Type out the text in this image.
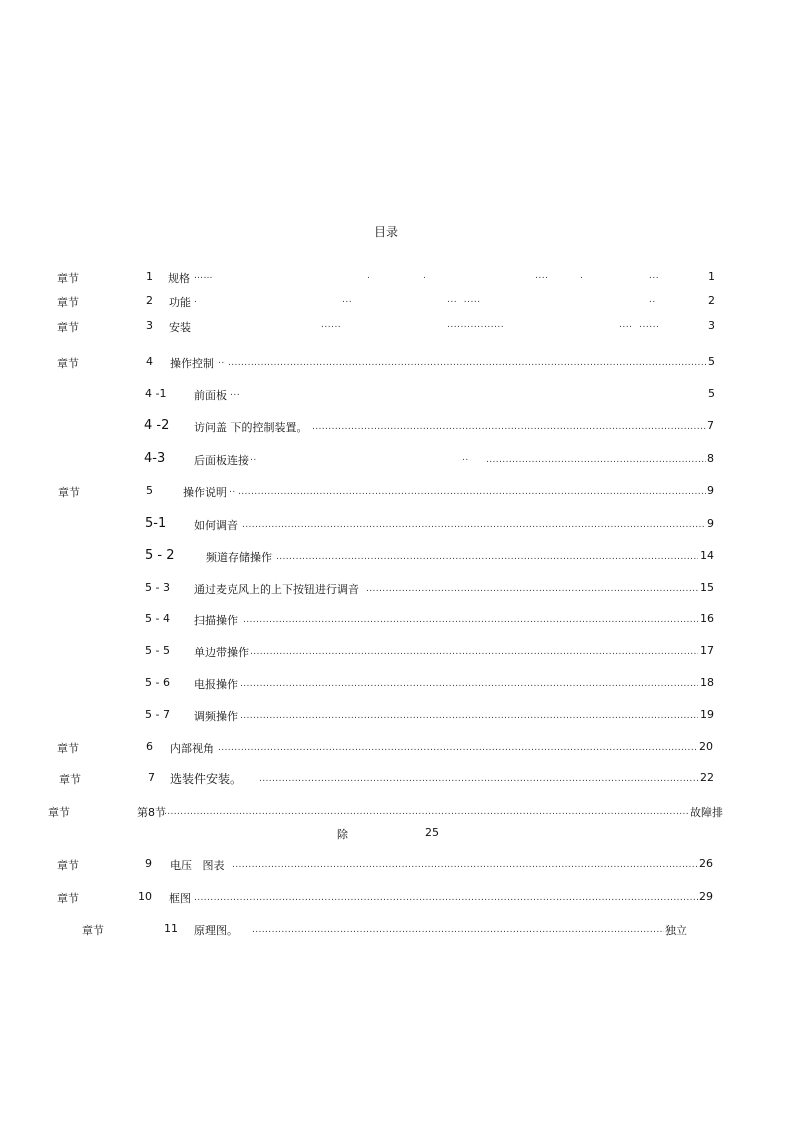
目录
章节	1 规格 ……	.	.	....	.	...	1
章节	2 功能 .	...	...  .....	..	2
章节	3 安装	......	.................	....  ......	3
章节	4 操作控制 .. .....	5
4 -1	前面板 ...	5
4 -2 访问盖 下的控制装置。 .....	7
4-3	后面板连接 ..	.. .....	8
章节	5	操作说明 .. .....	9
5-1	如何调音 .....	9
5 - 2	频道存储操作 .....	14
5 - 3 通过麦克风上的上下按钮进行调音 .....	15
5 - 4 扫描操作 .....	16
5 - 5 单边带操作 .....	17
5 - 6 电报操作 .....	18
5 - 7 调频操作 .....	19
章节	6 内部视角 .....	20
章节	7 选装件安装。 .....	22
章节	第8节 .....	故障排
除	25
章节	9 电压   图表 .....	26
章节	10 框图 .....	29
章节	11 原理图。 .....	独立
